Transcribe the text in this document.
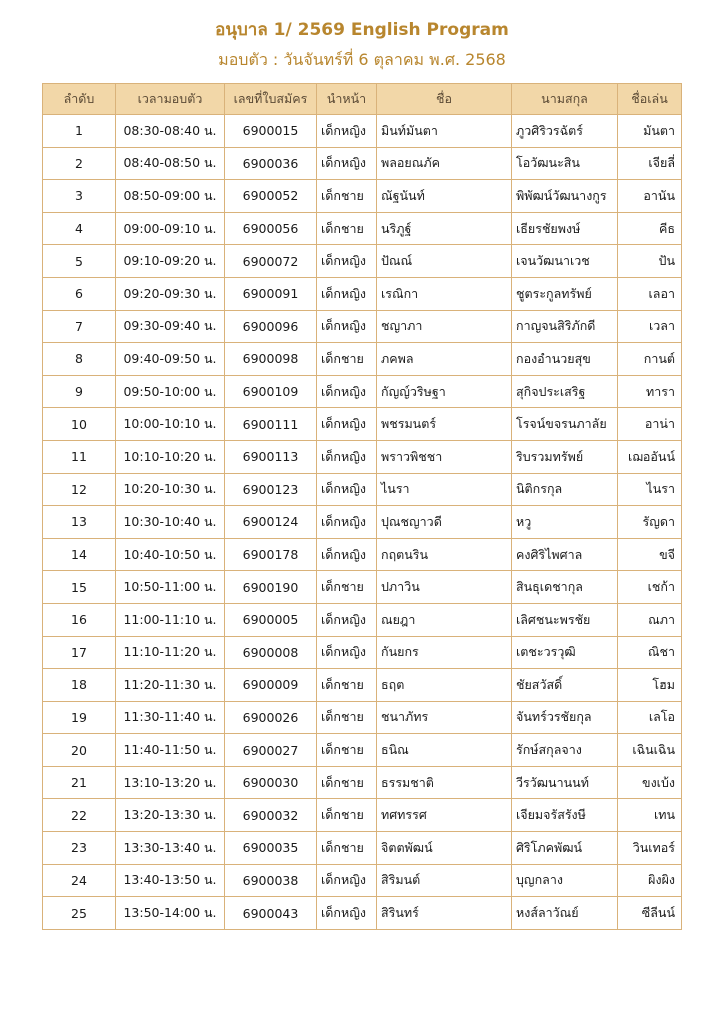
อนุบาล 1/ 2569 English Program
มอบตัว : วันจันทร์ที่ 6 ตุลาคม พ.ศ. 2568
ลำดับ	เวลามอบตัว	เลขที่ใบสมัคร	นำหน้า	ชื่อ	นามสกุล	ชื่อเล่น
1	08:30-08:40 น.	6900015	เด็กหญิง	มินท์มันตา	ภูวศิริวรฉัตร์	มันตา
2	08:40-08:50 น.	6900036	เด็กหญิง	พลอยณภัค	โอวัฒนะสิน	เจียลี่
3	08:50-09:00 น.	6900052	เด็กชาย	ณัฐนันท์	พิพัฒน์วัฒนางกูร	อานัน
4	09:00-09:10 น.	6900056	เด็กชาย	นริภูฐ์	เธียรชัยพงษ์	คีธ
5	09:10-09:20 น.	6900072	เด็กหญิง	ปัณณ์	เจนวัฒนาเวช	ปัน
6	09:20-09:30 น.	6900091	เด็กหญิง	เรณิกา	ชูตระกูลทรัพย์	เลอา
7	09:30-09:40 น.	6900096	เด็กหญิง	ชญาภา	กาญจนสิริภักดี	เวลา
8	09:40-09:50 น.	6900098	เด็กชาย	ภคพล	กองอำนวยสุข	กานต์
9	09:50-10:00 น.	6900109	เด็กหญิง	กัญญ์วริษฐา	สุกิจประเสริฐ	ทารา
10	10:00-10:10 น.	6900111	เด็กหญิง	พชรมนตร์	โรจน์ขจรนภาลัย	อาน่า
11	10:10-10:20 น.	6900113	เด็กหญิง	พราวพิชชา	ริบรวมทรัพย์	เฌออันน์
12	10:20-10:30 น.	6900123	เด็กหญิง	ไนรา	นิติกรกุล	ไนรา
13	10:30-10:40 น.	6900124	เด็กหญิง	ปุณชญาวดี	หวู	รัญดา
14	10:40-10:50 น.	6900178	เด็กหญิง	กฤตนริน	คงศิริไพศาล	ขจี
15	10:50-11:00 น.	6900190	เด็กชาย	ปภาวิน	สินธุเดชากุล	เชก้า
16	11:00-11:10 น.	6900005	เด็กหญิง	ณยฎา	เลิศชนะพรชัย	ณภา
17	11:10-11:20 น.	6900008	เด็กหญิง	กันยกร	เตชะวรวุฒิ	ณิชา
18	11:20-11:30 น.	6900009	เด็กชาย	ธฤต	ชัยสวัสดิ์	โฮม
19	11:30-11:40 น.	6900026	เด็กชาย	ชนาภัทร	จันทร์วรชัยกุล	เลโอ
20	11:40-11:50 น.	6900027	เด็กชาย	ธนิณ	รักษ์สกุลจาง	เฉินเฉิน
21	13:10-13:20 น.	6900030	เด็กชาย	ธรรมชาติ	วีรวัฒนานนท์	ขงเบ้ง
22	13:20-13:30 น.	6900032	เด็กชาย	ทศทรรศ	เจียมจรัสรังษี	เทน
23	13:30-13:40 น.	6900035	เด็กชาย	จิตตพัฒน์	ศิริโภคพัฒน์	วินเทอร์
24	13:40-13:50 น.	6900038	เด็กหญิง	สิริมนต์	บุญกลาง	ผิงผิง
25	13:50-14:00 น.	6900043	เด็กหญิง	สิรินทร์	หงส์ลาวัณย์	ซีลีนน์
